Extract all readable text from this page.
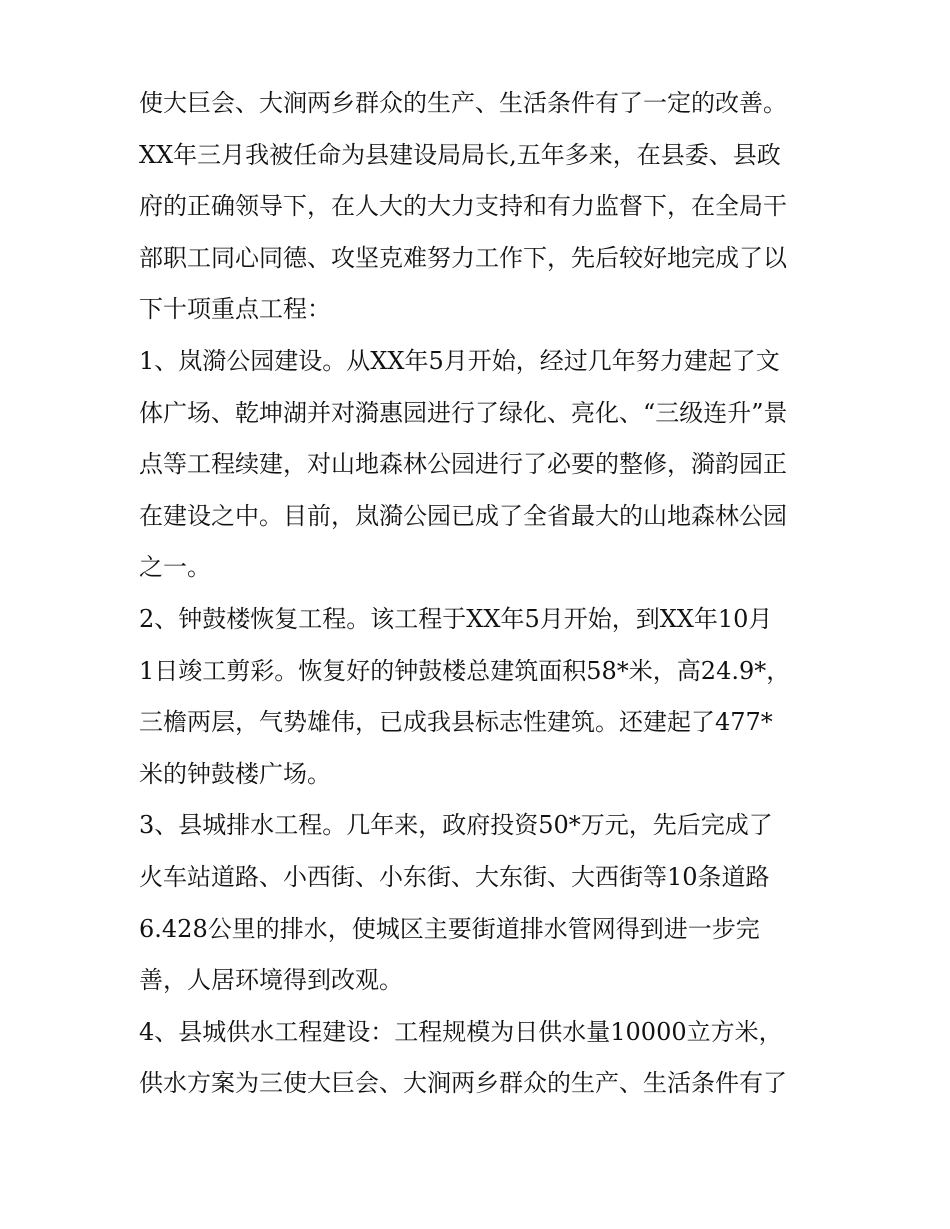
使大巨会、大涧两乡群众的生产、生活条件有了一定的改善。
XX年三月我被任命为县建设局局长,五年多来，在县委、县政
府的正确领导下，在人大的大力支持和有力监督下，在全局干
部职工同心同德、攻坚克难努力工作下，先后较好地完成了以
下十项重点工程：
1、岚漪公园建设。从XX年5月开始，经过几年努力建起了文
体广场、乾坤湖并对漪惠园进行了绿化、亮化、“三级连升”景
点等工程续建，对山地森林公园进行了必要的整修，漪韵园正
在建设之中。目前，岚漪公园已成了全省最大的山地森林公园
之一。
2、钟鼓楼恢复工程。该工程于XX年5月开始，到XX年10月
1日竣工剪彩。恢复好的钟鼓楼总建筑面积58*米，高24.9*，
三檐两层，气势雄伟，已成我县标志性建筑。还建起了477*
米的钟鼓楼广场。
3、县城排水工程。几年来，政府投资50*万元，先后完成了
火车站道路、小西街、小东街、大东街、大西街等10条道路
6.428公里的排水，使城区主要街道排水管网得到进一步完
善，人居环境得到改观。
4、县城供水工程建设：工程规模为日供水量10000立方米，
供水方案为三使大巨会、大涧两乡群众的生产、生活条件有了
